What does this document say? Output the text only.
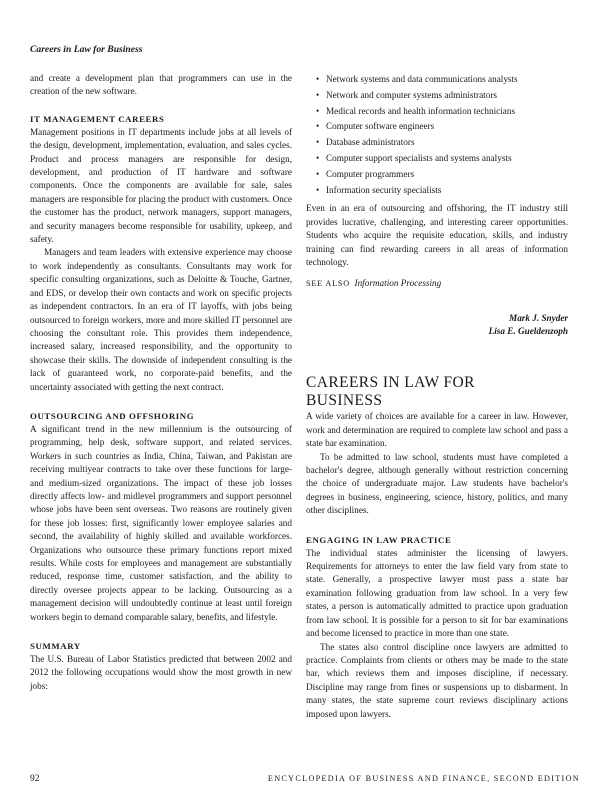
Careers in Law for Business

and create a development plan that programmers can use in the creation of the new software.

IT MANAGEMENT CAREERS

Management positions in IT departments include jobs at all levels of the design, development, implementation, evaluation, and sales cycles. Product and process managers are responsible for design, development, and production of IT hardware and software components. Once the components are available for sale, sales managers are responsible for placing the product with customers. Once the customer has the product, network managers, support managers, and security managers become responsible for usability, upkeep, and safety.

Managers and team leaders with extensive experience may choose to work independently as consultants. Consultants may work for specific consulting organizations, such as Deloitte & Touche, Gartner, and EDS, or develop their own contacts and work on specific projects as independent contractors. In an era of IT layoffs, with jobs being outsourced to foreign workers, more and more skilled IT personnel are choosing the consultant role. This provides them independence, increased salary, increased responsibility, and the opportunity to showcase their skills. The downside of independent consulting is the lack of guaranteed work, no corporate-paid benefits, and the uncertainty associated with getting the next contract.

OUTSOURCING AND OFFSHORING

A significant trend in the new millennium is the outsourcing of programming, help desk, software support, and related services. Workers in such countries as India, China, Taiwan, and Pakistan are receiving multiyear contracts to take over these functions for large- and medium-sized organizations. The impact of these job losses directly affects low- and midlevel programmers and support personnel whose jobs have been sent overseas. Two reasons are routinely given for these job losses: first, significantly lower employee salaries and second, the availability of highly skilled and available workforces. Organizations who outsource these primary functions report mixed results. While costs for employees and management are substantially reduced, response time, customer satisfaction, and the ability to directly oversee projects appear to be lacking. Outsourcing as a management decision will undoubtedly continue at least until foreign workers begin to demand comparable salary, benefits, and lifestyle.

SUMMARY

The U.S. Bureau of Labor Statistics predicted that between 2002 and 2012 the following occupations would show the most growth in new jobs:

• Network systems and data communications analysts
• Network and computer systems administrators
• Medical records and health information technicians
• Computer software engineers
• Database administrators
• Computer support specialists and systems analysts
• Computer programmers
• Information security specialists

Even in an era of outsourcing and offshoring, the IT industry still provides lucrative, challenging, and interesting career opportunities. Students who acquire the requisite education, skills, and industry training can find rewarding careers in all areas of information technology.

SEE ALSO Information Processing

Mark J. Snyder

Lisa E. Gueldenzoph

CAREERS IN LAW FOR
BUSINESS

A wide variety of choices are available for a career in law. However, work and determination are required to complete law school and pass a state bar examination.

To be admitted to law school, students must have completed a bachelor's degree, although generally without restriction concerning the choice of undergraduate major. Law students have bachelor's degrees in business, engineering, science, history, politics, and many other disciplines.

ENGAGING IN LAW PRACTICE

The individual states administer the licensing of lawyers. Requirements for attorneys to enter the law field vary from state to state. Generally, a prospective lawyer must pass a state bar examination following graduation from law school. In a very few states, a person is automatically admitted to practice upon graduation from law school. It is possible for a person to sit for bar examinations and become licensed to practice in more than one state.

The states also control discipline once lawyers are admitted to practice. Complaints from clients or others may be made to the state bar, which reviews them and imposes discipline, if necessary. Discipline may range from fines or suspensions up to disbarment. In many states, the state supreme court reviews disciplinary actions imposed upon lawyers.

92	ENCYCLOPEDIA OF BUSINESS AND FINANCE, SECOND EDITION
